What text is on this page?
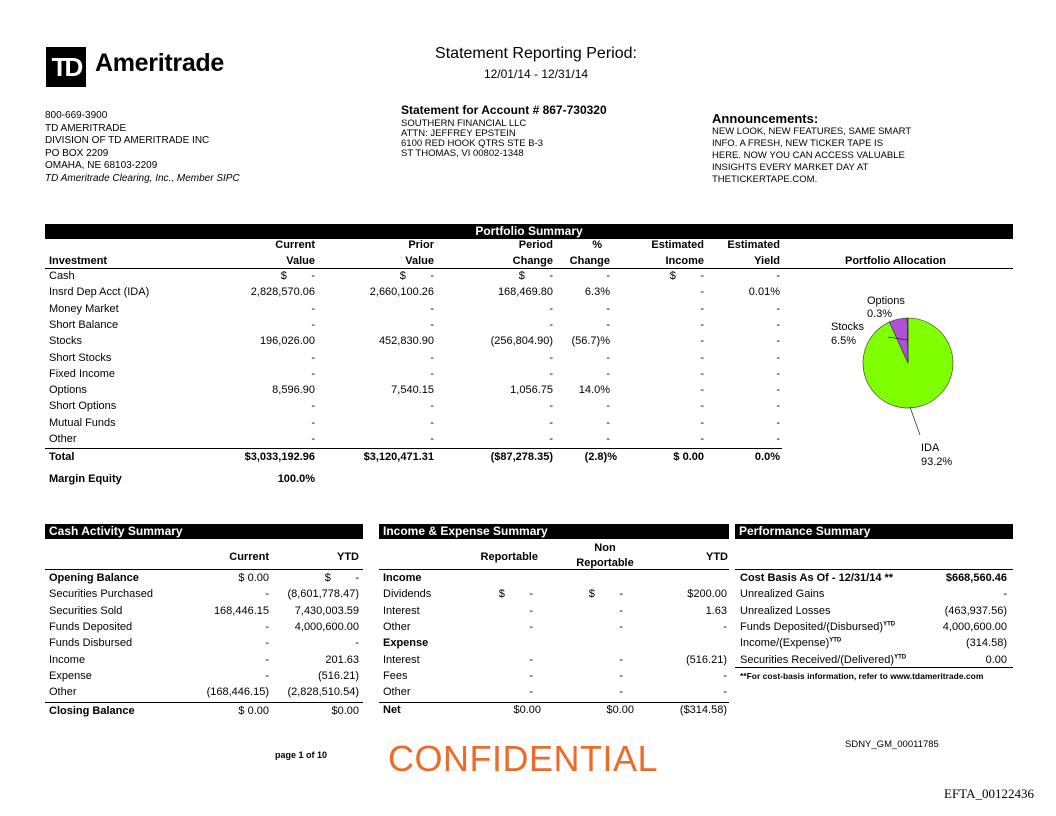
TD Ameritrade	Statement Reporting Period:
12/01/14 - 12/31/14
800-669-3900
TD AMERITRADE
DIVISION OF TD AMERITRADE INC
PO BOX 2209
OMAHA, NE 68103-2209
TD Ameritrade Clearing, Inc., Member SIPC
Statement for Account # 867-730320
SOUTHERN FINANCIAL LLC
ATTN: JEFFREY EPSTEIN
6100 RED HOOK QTRS STE B-3
ST THOMAS, VI 00802-1348
Announcements:
NEW LOOK, NEW FEATURES, SAME SMART
INFO. A FRESH, NEW TICKER TAPE IS
HERE. NOW YOU CAN ACCESS VALUABLE
INSIGHTS EVERY MARKET DAY AT
THETICKERTAPE.COM.
Portfolio Summary
Current	Prior	Period	%	Estimated Estimated
Investment	Value	Value	Change Change	Income	Yield	Portfolio Allocation
Cash	$        -	$        -	$        -	-	$        -	-
Insrd Dep Acct (IDA)	2,828,570.06	2,660,100.26	168,469.80	6.3%	-	0.01%
Money Market	-	-	-	-	-	-
Short Balance	-	-	-	-	-	-
Stocks	196,026.00	452,830.90	(256,804.90) (56.7)%	-	-
Short Stocks	-	-	-	-	-	-
Fixed Income	-	-	-	-	-	-
Options	8,596.90	7,540.15	1,056.75 14.0%	-	-
Short Options	-	-	-	-	-	-
Mutual Funds	-	-	-	-	-	-
Other	-	-	-	-	-	-
Total	$3,033,192.96	$3,120,471.31	($87,278.35)	(2.8)%	$ 0.00	0.0%
Margin Equity	100.0%
Options
0.3%
Stocks
6.5%
IDA
93.2%
Cash Activity Summary
Current	YTD
Opening Balance	$ 0.00	$        -
Securities Purchased	- (8,601,778.47)
Securities Sold	168,446.15 7,430,003.59
Funds Deposited	- 4,000,600.00
Funds Disbursed	-	-
Income	-	201.63
Expense	-	(516.21)
Other	(168,446.15) (2,828,510.54)
Closing Balance	$ 0.00	$0.00
Income & Expense Summary
Reportable
Non
Reportable	YTD
Income
Dividends	$        -	$        -	$200.00
Interest	-	-	1.63
Other	-	-	-
Expense
Interest	-	-	(516.21)
Fees	-	-	-
Other	-	-	-
Net	$0.00	$0.00	($314.58)
Performance Summary
Cost Basis As Of - 12/31/14 **	$668,560.46
Unrealized Gains	-
Unrealized Losses	(463,937.56)
Funds Deposited/(Disbursed)$^{YTD}$	4,000,600.00
Income/(Expense)$^{YTD}$	(314.58)
Securities Received/(Delivered)$^{YTD}$	0.00
**For cost-basis information, refer to www.tdameritrade.com
page 1 of 10 CONFIDENTIAL	SDNY_GM_00011785
EFTA_00122436
